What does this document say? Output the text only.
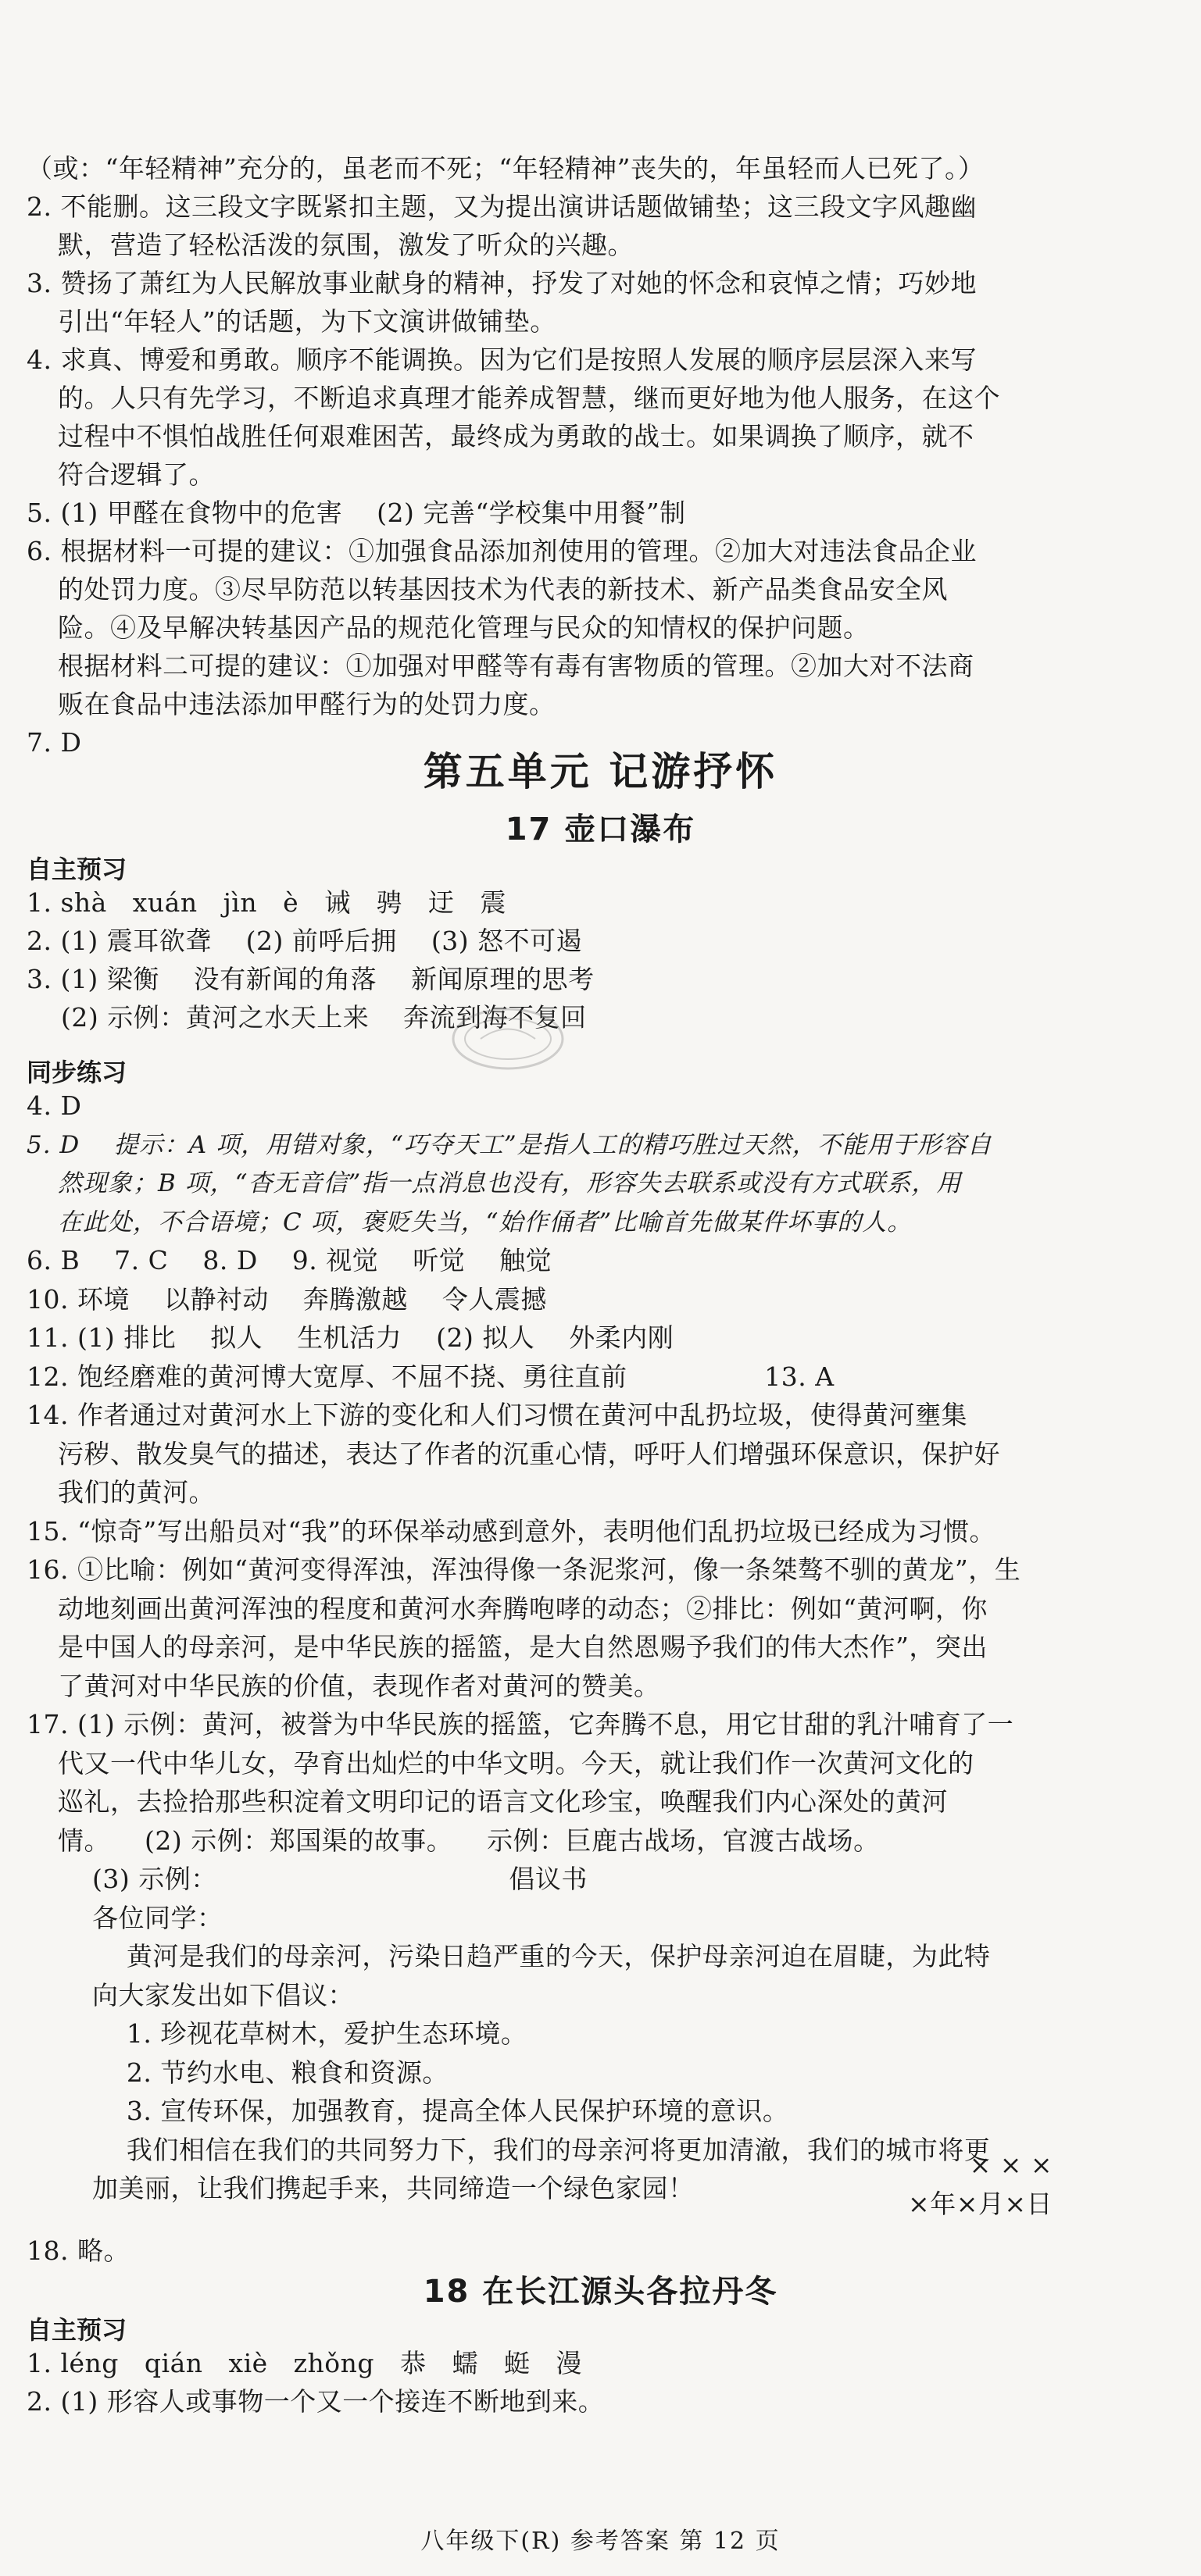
（或：“年轻精神”充分的，虽老而不死；“年轻精神”丧失的，年虽轻而人已死了。）
2. 不能删。这三段文字既紧扣主题，又为提出演讲话题做铺垫；这三段文字风趣幽
默，营造了轻松活泼的氛围，激发了听众的兴趣。
3. 赞扬了萧红为人民解放事业献身的精神，抒发了对她的怀念和哀悼之情；巧妙地
引出“年轻人”的话题，为下文演讲做铺垫。
4. 求真、博爱和勇敢。顺序不能调换。因为它们是按照人发展的顺序层层深入来写
的。人只有先学习，不断追求真理才能养成智慧，继而更好地为他人服务，在这个
过程中不惧怕战胜任何艰难困苦，最终成为勇敢的战士。如果调换了顺序，就不
符合逻辑了。
5. (1) 甲醛在食物中的危害    (2) 完善“学校集中用餐”制
6. 根据材料一可提的建议：①加强食品添加剂使用的管理。②加大对违法食品企业
的处罚力度。③尽早防范以转基因技术为代表的新技术、新产品类食品安全风
险。④及早解决转基因产品的规范化管理与民众的知情权的保护问题。
根据材料二可提的建议：①加强对甲醛等有毒有害物质的管理。②加大对不法商
贩在食品中违法添加甲醛行为的处罚力度。
7. D
第五单元 记游抒怀
17 壶口瀑布
自主预习
1. shà   xuán   jìn   è   诫   骋   迂   震
2. (1) 震耳欲聋    (2) 前呼后拥    (3) 怒不可遏
3. (1) 梁衡    没有新闻的角落    新闻原理的思考
(2) 示例：黄河之水天上来    奔流到海不复回
同步练习
4. D
5. D    提示：A 项，用错对象，“巧夺天工”是指人工的精巧胜过天然，不能用于形容自
然现象；B 项，“杳无音信”指一点消息也没有，形容失去联系或没有方式联系，用
在此处，不合语境；C 项，褒贬失当，“始作俑者”比喻首先做某件坏事的人。
6. B    7. C    8. D    9. 视觉    听觉    触觉
10. 环境    以静衬动    奔腾激越    令人震撼
11. (1) 排比    拟人    生机活力    (2) 拟人    外柔内刚
12. 饱经磨难的黄河博大宽厚、不屈不挠、勇往直前                13. A
14. 作者通过对黄河水上下游的变化和人们习惯在黄河中乱扔垃圾，使得黄河壅集
污秽、散发臭气的描述，表达了作者的沉重心情，呼吁人们增强环保意识，保护好
我们的黄河。
15. “惊奇”写出船员对“我”的环保举动感到意外，表明他们乱扔垃圾已经成为习惯。
16. ①比喻：例如“黄河变得浑浊，浑浊得像一条泥浆河，像一条桀骜不驯的黄龙”，生
动地刻画出黄河浑浊的程度和黄河水奔腾咆哮的动态；②排比：例如“黄河啊，你
是中国人的母亲河，是中华民族的摇篮，是大自然恩赐予我们的伟大杰作”，突出
了黄河对中华民族的价值，表现作者对黄河的赞美。
17. (1) 示例：黄河，被誉为中华民族的摇篮，它奔腾不息，用它甘甜的乳汁哺育了一
代又一代中华儿女，孕育出灿烂的中华文明。今天，就让我们作一次黄河文化的
巡礼，去捡拾那些积淀着文明印记的语言文化珍宝，唤醒我们内心深处的黄河
情。    (2) 示例：郑国渠的故事。    示例：巨鹿古战场，官渡古战场。
(3) 示例：                                  倡议书
各位同学：
黄河是我们的母亲河，污染日趋严重的今天，保护母亲河迫在眉睫，为此特
向大家发出如下倡议：
1. 珍视花草树木，爱护生态环境。
2. 节约水电、粮食和资源。
3. 宣传环保，加强教育，提高全体人民保护环境的意识。
我们相信在我们的共同努力下，我们的母亲河将更加清澈，我们的城市将更
加美丽，让我们携起手来，共同缔造一个绿色家园！
× × ×
×年×月×日
18. 略。
18 在长江源头各拉丹冬
自主预习
1. léng   qián   xiè   zhǒng   恭   蠕   蜓   漫
2. (1) 形容人或事物一个又一个接连不断地到来。
八年级下(R) 参考答案 第 12 页
